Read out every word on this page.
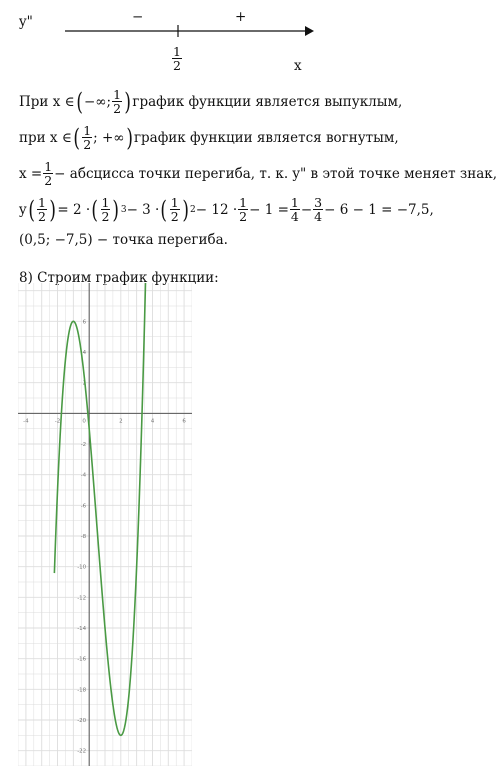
y"	−	+
$\frac{1}{2}$	x
При x ∈ ( −∞; $\frac{1}{2}$ ) график функции является выпуклым,
при x ∈ ( $\frac{1}{2}$ ; +∞ ) график функции является вогнутым,
$x = \frac{1}{2}$ − абсцисса точки перегиба, т. к. y" в этой точке меняет знак,
y ( $\frac{1}{2}$ ) = 2 · ( $\frac{1}{2}$ ) 3 − 3 · ( $\frac{1}{2}$ ) $2 - 12 \cdot \frac{1}{2} - 1 = \frac{1}{4} - \frac{3}{4} - 6 - 1 = -7,5$,
(0,5; −7,5) − точка перегиба.
8) Строим график функции:
-4	-2	0	2	4	6
6
4
2
-2
-4
-6
-8
-10
-12
-14
-16
-18
-20
-22
